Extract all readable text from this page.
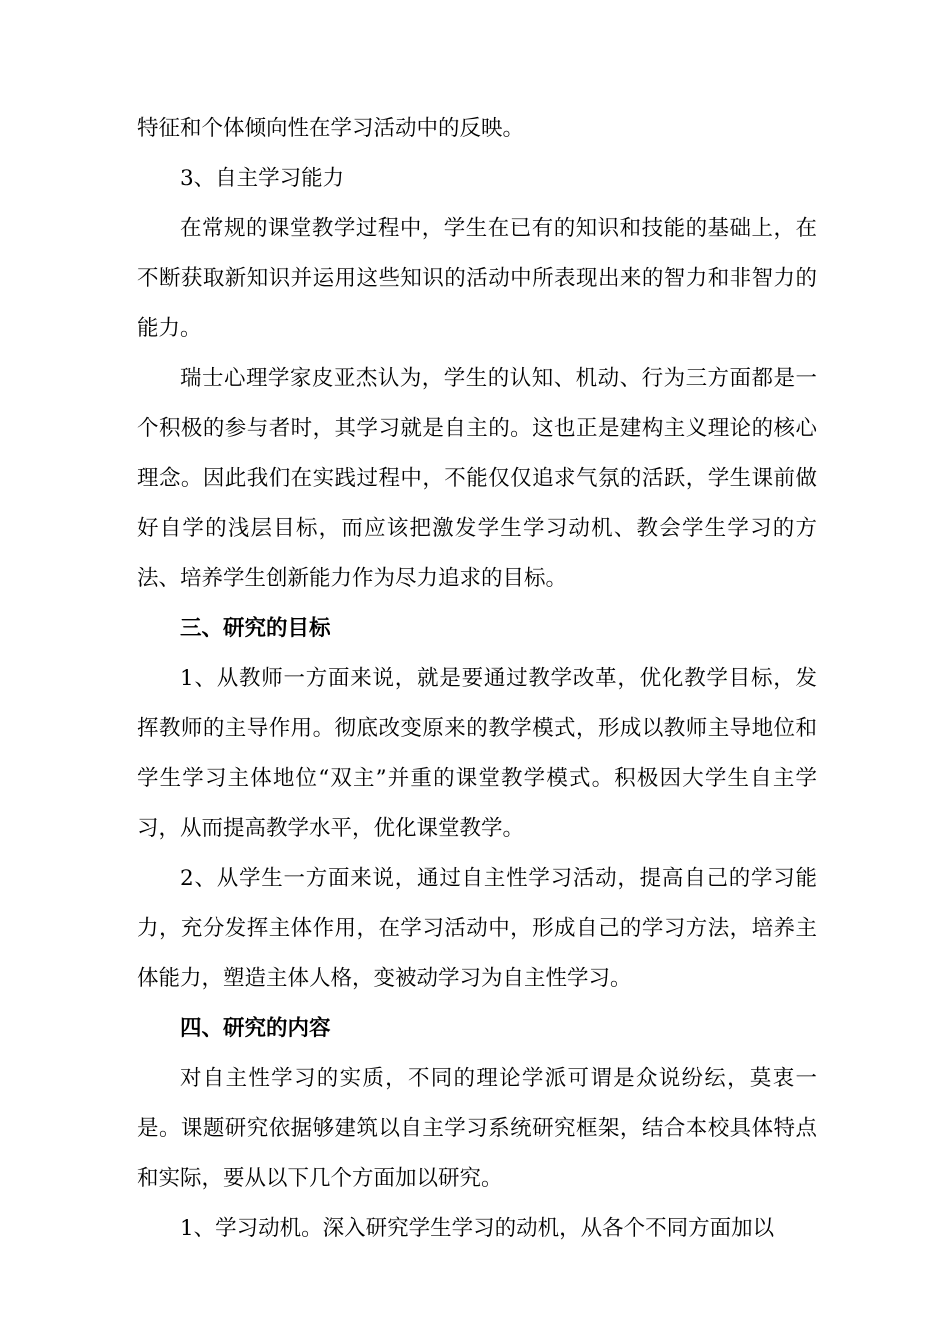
特征和个体倾向性在学习活动中的反映。

3、自主学习能力

在常规的课堂教学过程中，学生在已有的知识和技能的基础上，在不断获取新知识并运用这些知识的活动中所表现出来的智力和非智力的能力。

瑞士心理学家皮亚杰认为，学生的认知、机动、行为三方面都是一个积极的参与者时，其学习就是自主的。这也正是建构主义理论的核心理念。因此我们在实践过程中，不能仅仅追求气氛的活跃，学生课前做好自学的浅层目标，而应该把激发学生学习动机、教会学生学习的方法、培养学生创新能力作为尽力追求的目标。

三、研究的目标

1、从教师一方面来说，就是要通过教学改革，优化教学目标，发挥教师的主导作用。彻底改变原来的教学模式，形成以教师主导地位和学生学习主体地位“双主”并重的课堂教学模式。积极因大学生自主学习，从而提高教学水平，优化课堂教学。

2、从学生一方面来说，通过自主性学习活动，提高自己的学习能力，充分发挥主体作用，在学习活动中，形成自己的学习方法，培养主体能力，塑造主体人格，变被动学习为自主性学习。

四、研究的内容

对自主性学习的实质，不同的理论学派可谓是众说纷纭，莫衷一是。课题研究依据够建筑以自主学习系统研究框架，结合本校具体特点和实际，要从以下几个方面加以研究。

1、学习动机。深入研究学生学习的动机，从各个不同方面加以
